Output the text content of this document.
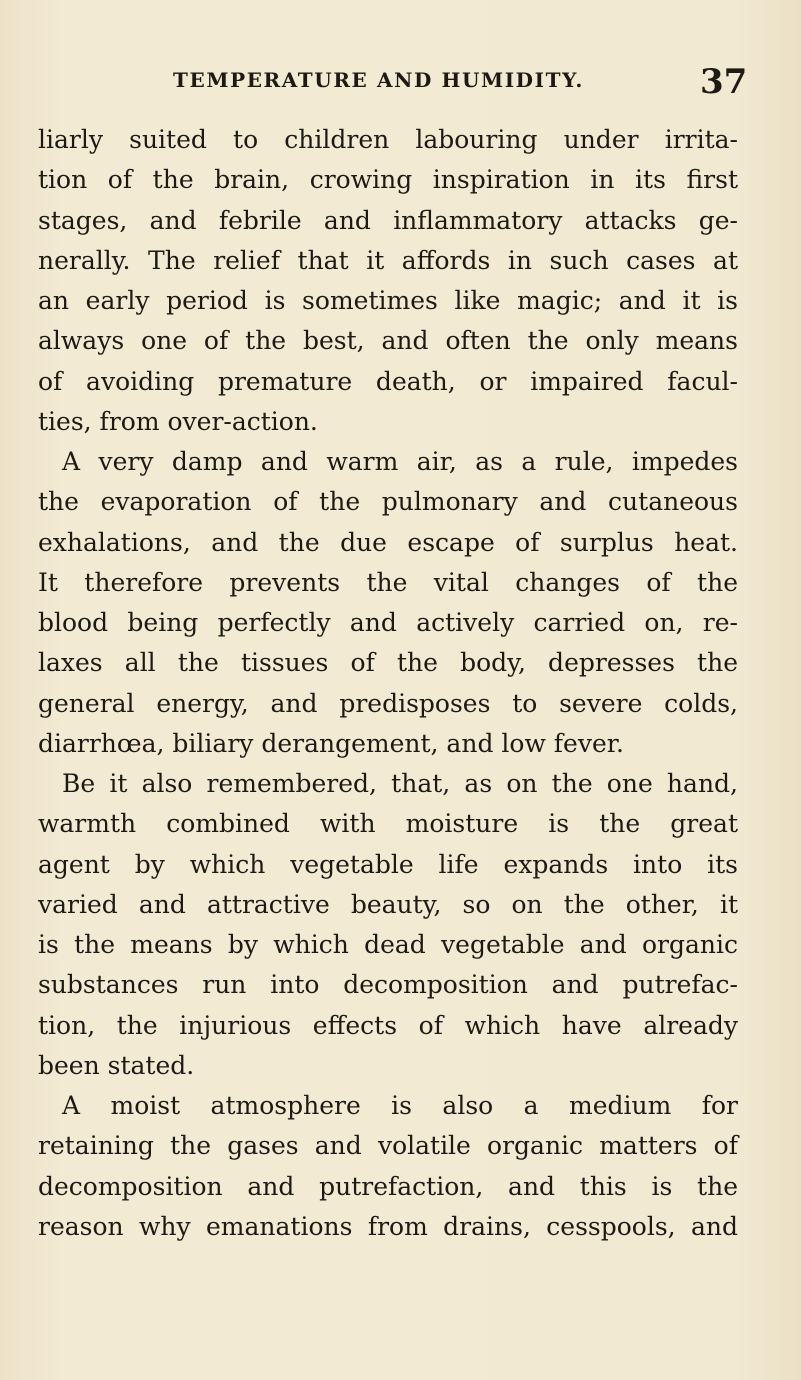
TEMPERATURE AND HUMIDITY.	37
liarly suited to children labouring under irrita-
tion of the brain, crowing inspiration in its first
stages, and febrile and inflammatory attacks ge-
nerally. The relief that it affords in such cases at
an early period is sometimes like magic; and it is
always one of the best, and often the only means
of avoiding premature death, or impaired facul-
ties, from over-action.
A very damp and warm air, as a rule, impedes
the evaporation of the pulmonary and cutaneous
exhalations, and the due escape of surplus heat.
It therefore prevents the vital changes of the
blood being perfectly and actively carried on, re-
laxes all the tissues of the body, depresses the
general energy, and predisposes to severe colds,
diarrhœa, biliary derangement, and low fever.
Be it also remembered, that, as on the one hand,
warmth combined with moisture is the great
agent by which vegetable life expands into its
varied and attractive beauty, so on the other, it
is the means by which dead vegetable and organic
substances run into decomposition and putrefac-
tion, the injurious effects of which have already
been stated.
A moist atmosphere is also a medium for
retaining the gases and volatile organic matters of
decomposition and putrefaction, and this is the
reason why emanations from drains, cesspools, and
